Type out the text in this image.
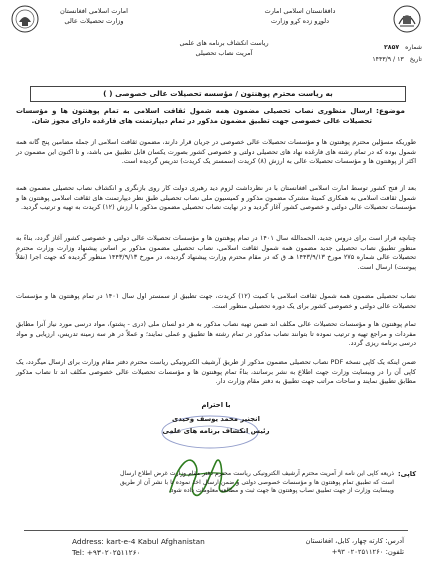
امارت اسلامی افغانستان
وزارت تحصیلات عالی
دافغانستان اسلامی امارت
دلوړو زده کړو وزارت
ریاست انکشاف برنامه های علمی
آمریت نصاب تحصیلی
شماره ۲۸۵۷
تاریخ ۱۳ / ۱۴۴۳/۹
به ریاست محترم پوهنتون / مؤسسه تحصیلات عالی خصوصی ( )
موضوع:
ارسال منظوری نصاب تحصیلی مضمون همه شمول ثقافت اسلامی به تمام پوهنتون ها و مؤسسات تحصیلات عالی خصوصی جهت تطبیق مضمون مذکور در تمام دیپارتمنت های فارغده دارای مجوز شان.
طوریکه مسؤلین محترم پوهنتون ها و مؤسسات تحصیلات عالی خصوصی در جریان قرار دارند، مضمون ثقافت اسلامی از جمله مضامین پنج گانه همه شمول بوده که در تمام رشته های فارغده نهاد های تحصیلی دولتی و خصوصی کشور بصورت یکسان قابل تطبیق می باشد، و تا اکنون این مضمون در اکثر از پوهنتون ها و مؤسسات تحصیلات عالی به ارزش (۸) کریدت (سمستر یک کریدت) تدریس گردیده است.
بعد از فتح کشور توسط امارت اسلامی افغانستان با در نظرداشت لزوم دید رهبری دولت کار روی بازنگری و انکشاف نصاب تحصیلی مضمون همه شمول ثقافت اسلامی به همکاری کمیتهٔ مشترک مضمون مذکور و کمیسیون ملی نصاب تحصیلی طبق نظر دیپارتمنت های ثقافت اسلامی پوهنتون ها و مؤسسات تحصیلات عالی دولتی و خصوصی کشور آغاز گردید و در نهایت نصاب تحصیلی مضمون مذکور با ارزش (۱۲) کریدت به تهیه و ترتیب گردید.
چنانچه قرار است برای دروس جدید، الحمدالله سال ۱۴۰۱ در تمام پوهنتون ها و مؤسسات تحصیلات عالی دولتی و خصوصی کشور آغاز گردد، بناءً به منظور تطبیق نصاب تحصیلی جدید مضمون همه شمول ثقافت اسلامی، نصاب تحصیلی مضمون مذکور بر اساس پیشنهاد وزارت وزارت محترم تحصیلات عالی شماره ۲۷۵ مورخ ۱۴۴۳/۹/۱۳ هـ ق که در مقام محترم وزارت پیشنهاد گردیده، در مورخ ۱۴۴۳/۹/۱۳ منظور گردیده که جهت اجرا (نقلاً پیوست) ارسال است.
نصاب تحصیلی مضمون همه شمول ثقافت اسلامی با کمیت (۱۲) کریدت، جهت تطبیق از سمستر اول سال ۱۴۰۱ در تمام پوهنتون ها و مؤسسات تحصیلات عالی دولتی و خصوصی کشور برای یک دوره تحصیلی منظور است.
تمام پوهنتون ها و مؤسسات تحصیلات عالی مکلف اند ضمن تهیه نصاب مذکور به هر دو لسان ملی (دری - پشتو)، مواد درسی مورد نیاز آنرا مطابق مفردات و مراجع تهیه و ترتیب نموده تا بتوانند نصاب مذکور در تمام رشته ها تطبیق و عملی نمایند؛ و عملاً در هر سه زمینه تدریس، ارزیابی و مواد درسی برنامه ریزی گردد.
ضمن اینکه یک کاپی نسخه PDF نصاب تحصیلی مضمون مذکور از طریق آرشیف الکترونیکی ریاست محترم دفتر مقام وزارت برای ارسال میگردد، یک کاپی آن را در ویبسایت وزارت جهت اطلاع به نشر برسانند، بناءً تمام پوهنتون ها و مؤسسات تحصیلات عالی خصوصی مکلف اند تا نصاب مذکور مطابق تطبیق نمایند و ساحات مراتب جهت تطبیق به دفتر مقام وزارت دار.
با احترام
انجنیر محمد یوسف وحیدی
رئیس انکشاف برنامه های علمی
کاپی:
ذریعه کاپی این نامه از آمریت محترم آرشیف الکترونیکی ریاست محترم دفتر مقام وزارت غرض اطلاع ارسال است که تطبیق تمام پوهنتون ها و مؤسسات خصوصی دولتی و ضمن ارسال اخذ نموده تا با نشر آن از طریق ویبسایت وزارت از جهت تطبیق نصاب پوهنتون ها جهت ثبت و مطالعه معلومات داده شود.
Address: kart-e-4 Kabul Afghanistan
Tel: +۹۳۰۲۰۲۵۱۱۲۶۰
آدرس: کارته چهار، کابل، افغانستان
تلفون: ۰۲۰۲۵۱۱۲۶۰ ۹۳+
